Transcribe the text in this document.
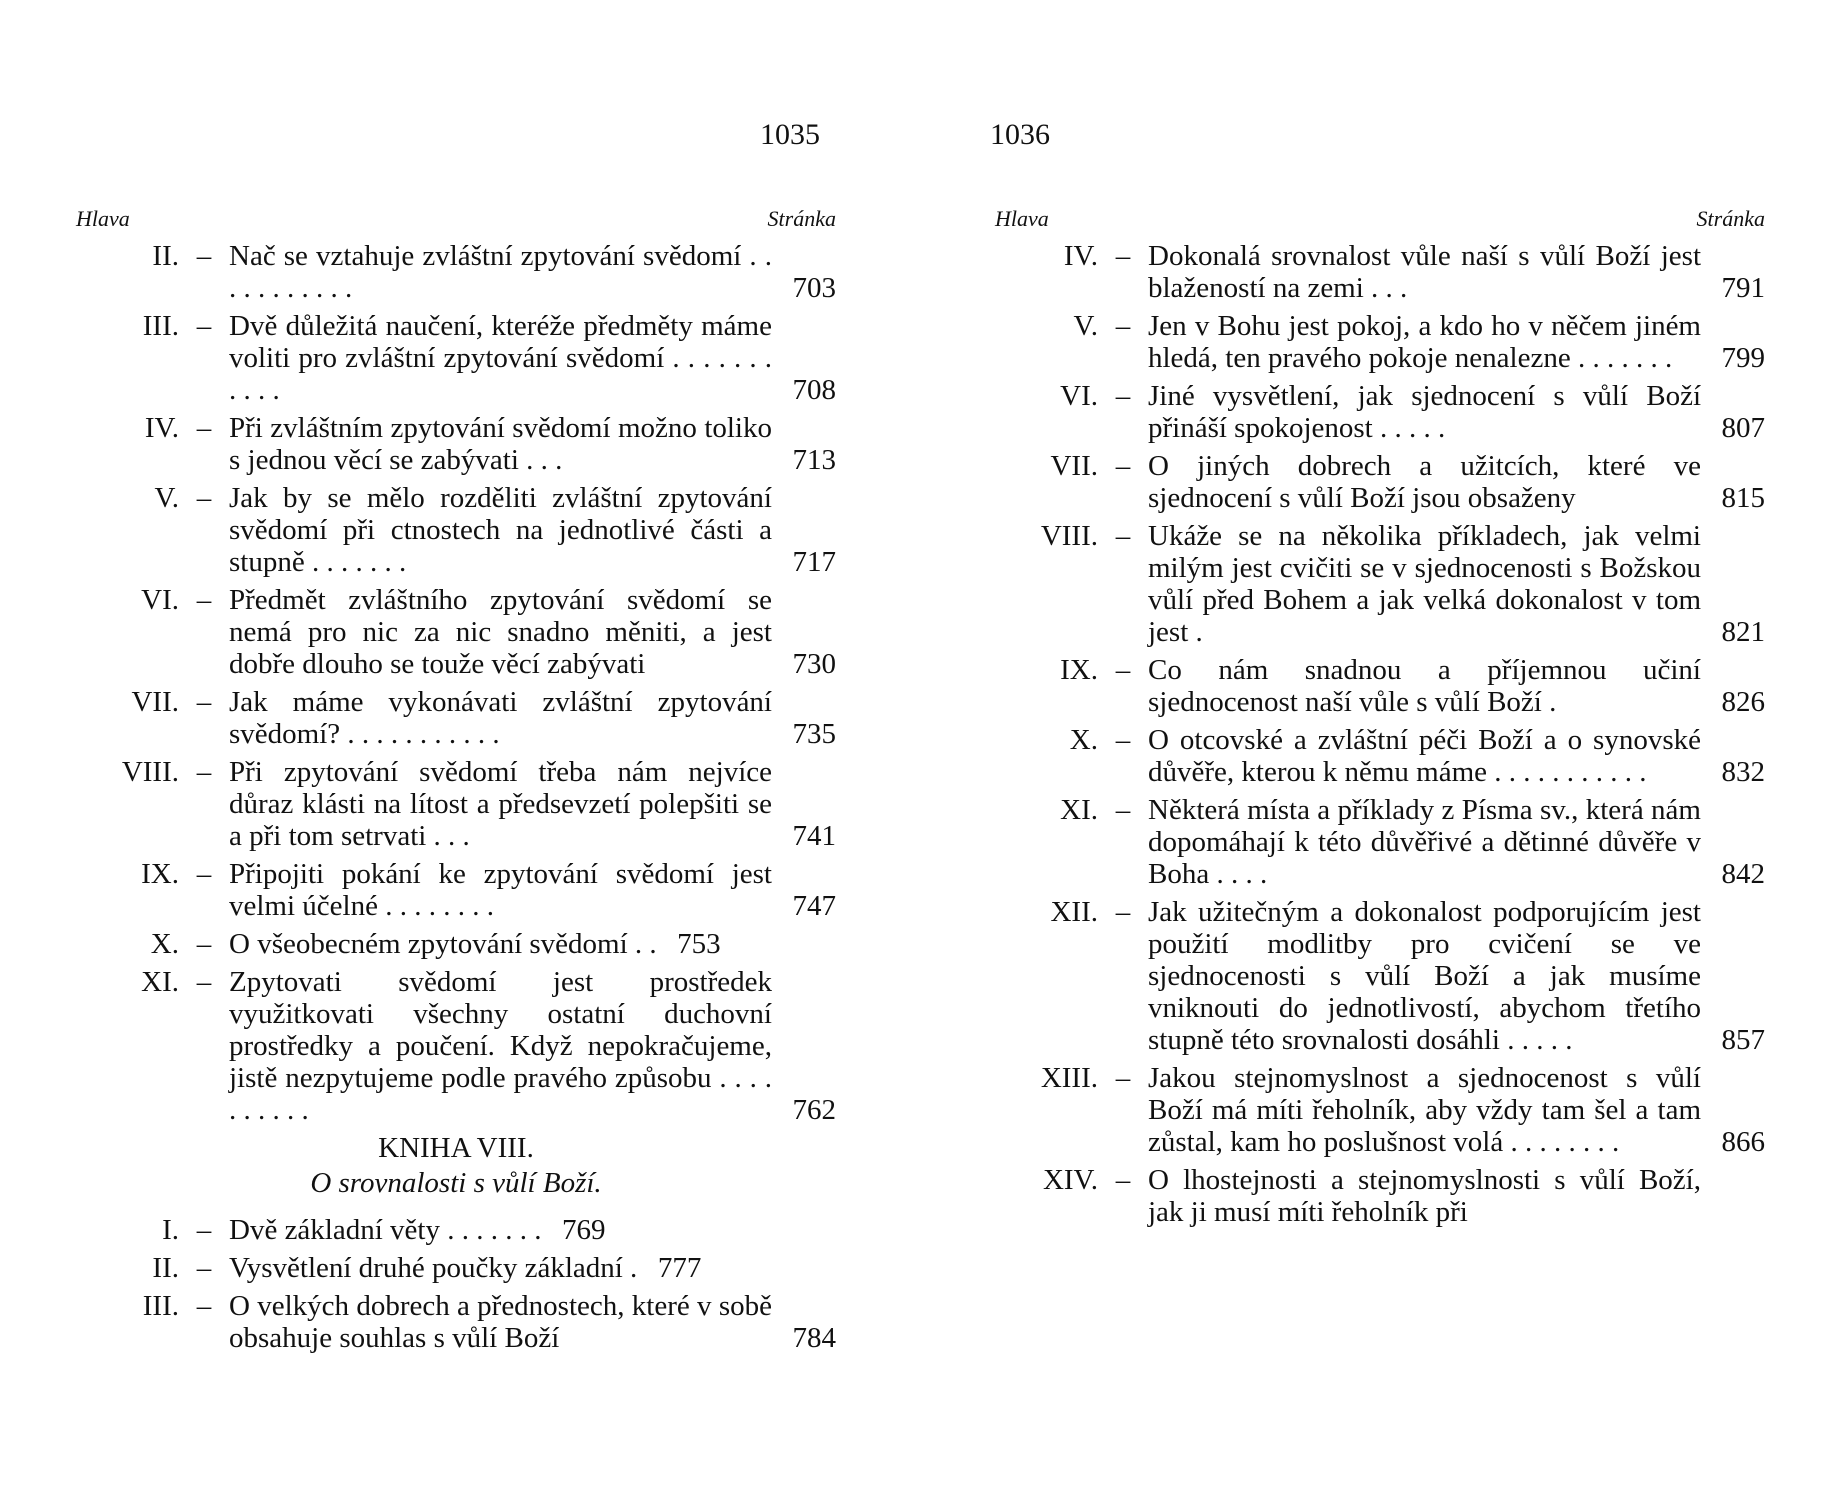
1035	1036
Hlava	Stránka
II. – Nač se vztahuje zvláštní zpytování svědomí . . . . . . . . . . .	703
III. – Dvě důležitá naučení, kteréže předměty máme voliti pro zvláštní zpytování svědomí . . . . . . . . . . .	708
IV. – Při zvláštním zpytování svědomí možno toliko s jednou věcí se zabývati . . .	713
V. – Jak by se mělo rozděliti zvláštní zpytování svědomí při ctnostech na jednotlivé části a stupně . . . . . . .	717
VI. – Předmět zvláštního zpytování svědomí se nemá pro nic za nic snadno měniti, a jest dobře dlouho se touže věcí zabývati	730
VII. – Jak máme vykonávati zvláštní zpytování svědomí? . . . . . . . . . . .	735
VIII. – Při zpytování svědomí třeba nám nejvíce důraz klásti na lítost a předsevzetí polepšiti se a při tom setrvati . . .	741
IX. – Připojiti pokání ke zpytování svědomí jest velmi účelné . . . . . . . .	747
X. – O všeobecném zpytování svědomí . . 753
XI. – Zpytovati svědomí jest prostředek využitkovati všechny ostatní duchovní prostředky a poučení. Když nepokračujeme, jistě nezpytujeme podle pravého způsobu . . . . . . . . . .	762
KNIHA VIII.
O srovnalosti s vůlí Boží.
I. – Dvě základní věty . . . . . . . 769
II. – Vysvětlení druhé poučky základní . 777
III. – O velkých dobrech a přednostech, které v sobě obsahuje souhlas s vůlí Boží	784
Hlava	Stránka
IV. – Dokonalá srovnalost vůle naší s vůlí Boží jest blažeností na zemi . . .	791
V. – Jen v Bohu jest pokoj, a kdo ho v něčem jiném hledá, ten pravého pokoje nenalezne . . . . . . .	799
VI. – Jiné vysvětlení, jak sjednocení s vůlí Boží přináší spokojenost . . . . .	807
VII. – O jiných dobrech a užitcích, které ve sjednocení s vůlí Boží jsou obsaženy	815
VIII. – Ukáže se na několika příkladech, jak velmi milým jest cvičiti se v sjednocenosti s Božskou vůlí před Bohem a jak velká dokonalost v tom jest .	821
IX. – Co nám snadnou a příjemnou učiní sjednocenost naší vůle s vůlí Boží .	826
X. – O otcovské a zvláštní péči Boží a o synovské důvěře, kterou k němu máme . . . . . . . . . . .	832
XI. – Některá místa a příklady z Písma sv., která nám dopomáhají k této důvěřivé a dětinné důvěře v Boha . . . .	842
XII. – Jak užitečným a dokonalost podporujícím jest použití modlitby pro cvičení se ve sjednocenosti s vůlí Boží a jak musíme vniknouti do jednotlivostí, abychom třetího stupně této srovnalosti dosáhli . . . . .	857
XIII. – Jakou stejnomyslnost a sjednocenost s vůlí Boží má míti řeholník, aby vždy tam šel a tam zůstal, kam ho poslušnost volá . . . . . . . .	866
XIV. – O lhostejnosti a stejnomyslnosti s vůlí Boží, jak ji musí míti řeholník při
